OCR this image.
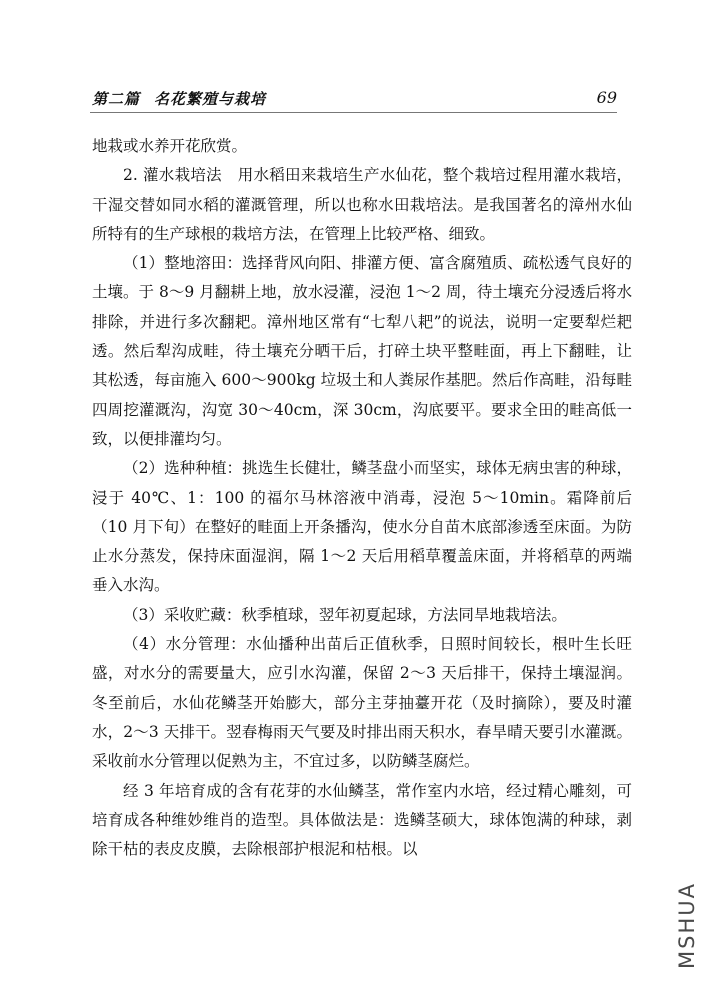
第二篇 名花繁殖与栽培	69

地栽或水养开花欣赏。

2. 灌水栽培法　用水稻田来栽培生产水仙花，整个栽培过程用灌水栽培，干湿交替如同水稻的灌溉管理，所以也称水田栽培法。是我国著名的漳州水仙所特有的生产球根的栽培方法，在管理上比较严格、细致。

（1）整地溶田：选择背风向阳、排灌方便、富含腐殖质、疏松透气良好的土壤。于 8～9 月翻耕上地，放水浸灌，浸泡 1～2 周，待土壤充分浸透后将水排除，并进行多次翻耙。漳州地区常有“七犁八耙”的说法，说明一定要犁烂耙透。然后犁沟成畦，待土壤充分晒干后，打碎土块平整畦面，再上下翻畦，让其松透，每亩施入 600～900kg 垃圾土和人粪尿作基肥。然后作高畦，沿每畦四周挖灌溉沟，沟宽 30～40cm，深 30cm，沟底要平。要求全田的畦高低一致，以便排灌均匀。

（2）选种种植：挑选生长健壮，鳞茎盘小而坚实，球体无病虫害的种球，浸于 40℃、1：100 的福尔马林溶液中消毒，浸泡 5～10min。霜降前后（10 月下旬）在整好的畦面上开条播沟，使水分自苗木底部渗透至床面。为防止水分蒸发，保持床面湿润，隔 1～2 天后用稻草覆盖床面，并将稻草的两端垂入水沟。

（3）采收贮藏：秋季植球，翌年初夏起球，方法同旱地栽培法。

（4）水分管理：水仙播种出苗后正值秋季，日照时间较长，根叶生长旺盛，对水分的需要量大，应引水沟灌，保留 2～3 天后排干，保持土壤湿润。冬至前后，水仙花鳞茎开始膨大，部分主芽抽薹开花（及时摘除），要及时灌水，2～3 天排干。翌春梅雨天气要及时排出雨天积水，春旱晴天要引水灌溉。采收前水分管理以促熟为主，不宜过多，以防鳞茎腐烂。

经 3 年培育成的含有花芽的水仙鳞茎，常作室内水培，经过精心雕刻，可培育成各种维妙维肖的造型。具体做法是：选鳞茎硕大，球体饱满的种球，剥除干枯的表皮皮膜，去除根部护根泥和枯根。以

MSHUA
